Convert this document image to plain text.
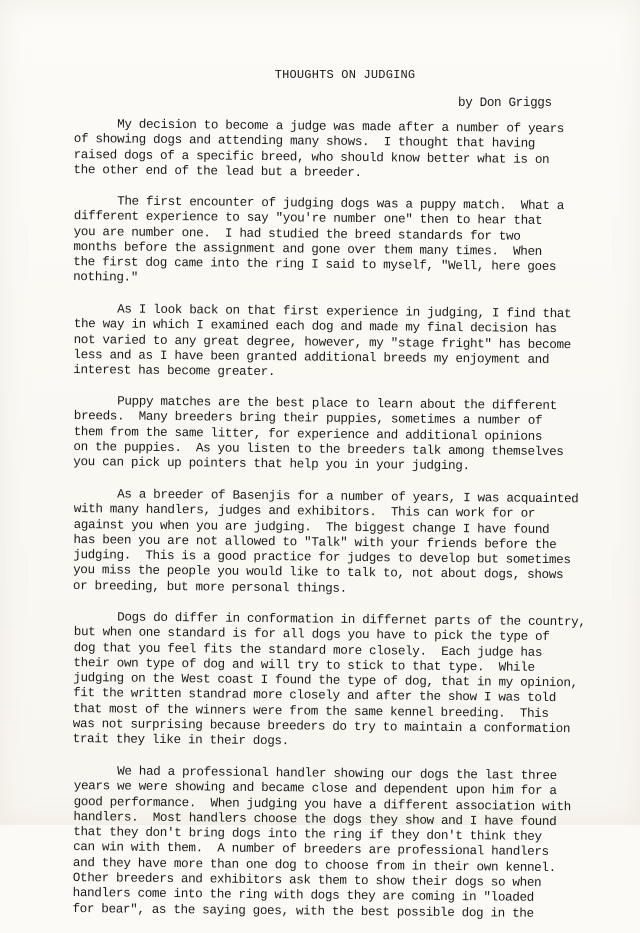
THOUGHTS ON JUDGING
by Don Griggs
My decision to become a judge was made after a number of years
of showing dogs and attending many shows.  I thought that having
raised dogs of a specific breed, who should know better what is on
the other end of the lead but a breeder.
The first encounter of judging dogs was a puppy match.  What a
different experience to say "you're number one" then to hear that
you are number one.  I had studied the breed standards for two
months before the assignment and gone over them many times.  When
the first dog came into the ring I said to myself, "Well, here goes
nothing."
As I look back on that first experience in judging, I find that
the way in which I examined each dog and made my final decision has
not varied to any great degree, however, my "stage fright" has become
less and as I have been granted additional breeds my enjoyment and
interest has become greater.
Puppy matches are the best place to learn about the different
breeds.  Many breeders bring their puppies, sometimes a number of
them from the same litter, for experience and additional opinions
on the puppies.  As you listen to the breeders talk among themselves
you can pick up pointers that help you in your judging.
As a breeder of Basenjis for a number of years, I was acquainted
with many handlers, judges and exhibitors.  This can work for or
against you when you are judging.  The biggest change I have found
has been you are not allowed to "Talk" with your friends before the
judging.  This is a good practice for judges to develop but sometimes
you miss the people you would like to talk to, not about dogs, shows
or breeding, but more personal things.
Dogs do differ in conformation in differnet parts of the country,
but when one standard is for all dogs you have to pick the type of
dog that you feel fits the standard more closely.  Each judge has
their own type of dog and will try to stick to that type.  While
judging on the West coast I found the type of dog, that in my opinion,
fit the written standrad more closely and after the show I was told
that most of the winners were from the same kennel breeding.  This
was not surprising because breeders do try to maintain a conformation
trait they like in their dogs.
We had a professional handler showing our dogs the last three
years we were showing and became close and dependent upon him for a
good performance.  When judging you have a different association with
handlers.  Most handlers choose the dogs they show and I have found
that they don't bring dogs into the ring if they don't think they
can win with them.  A number of breeders are professional handlers
and they have more than one dog to choose from in their own kennel.
Other breeders and exhibitors ask them to show their dogs so when
handlers come into the ring with dogs they are coming in "loaded
for bear", as the saying goes, with the best possible dog in the
